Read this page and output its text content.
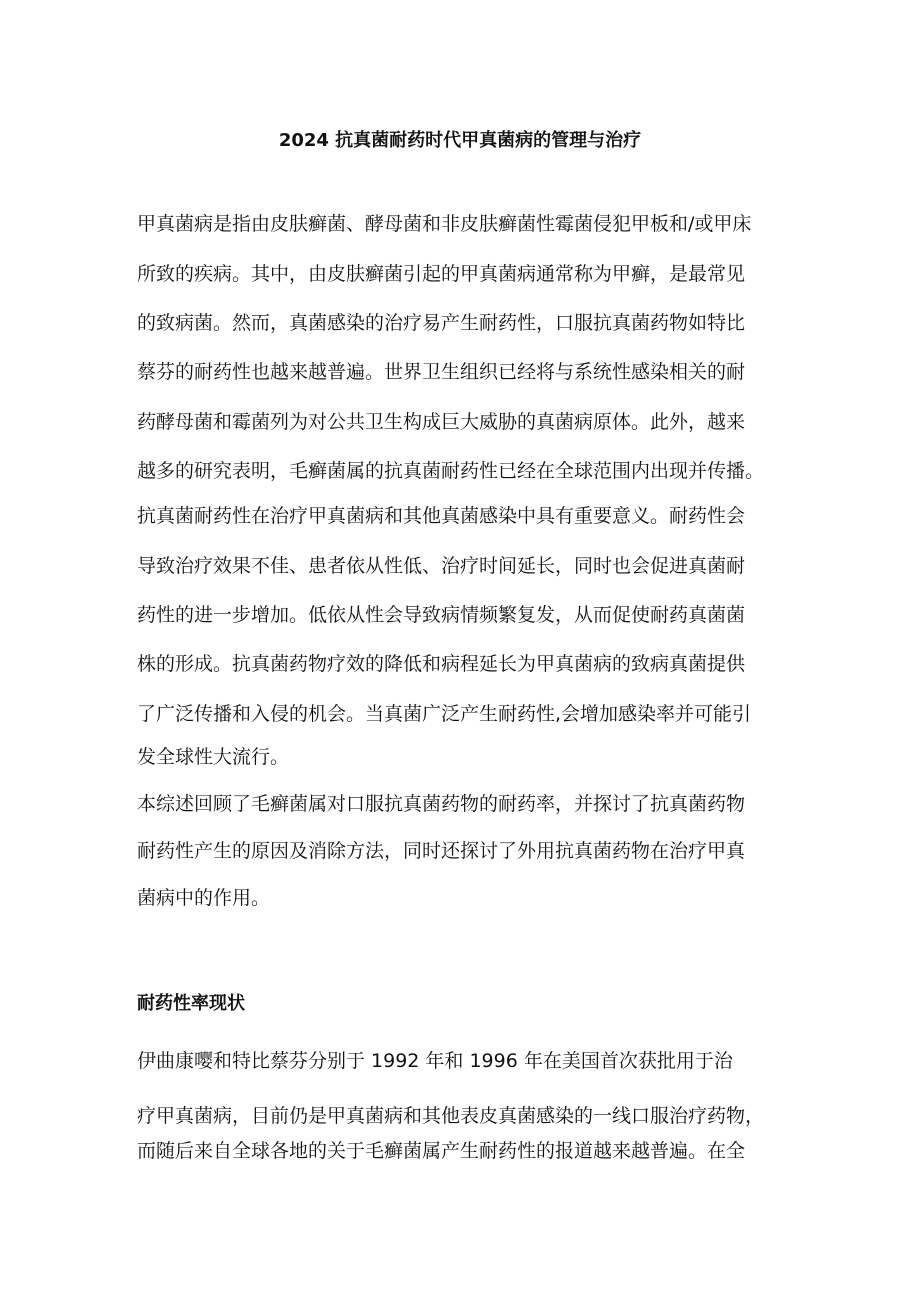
2024 抗真菌耐药时代甲真菌病的管理与治疗

甲真菌病是指由皮肤癣菌、酵母菌和非皮肤癣菌性霉菌侵犯甲板和/或甲床

所致的疾病。其中，由皮肤癣菌引起的甲真菌病通常称为甲癣，是最常见

的致病菌。然而，真菌感染的治疗易产生耐药性，口服抗真菌药物如特比

蔡芬的耐药性也越来越普遍。世界卫生组织已经将与系统性感染相关的耐

药酵母菌和霉菌列为对公共卫生构成巨大威胁的真菌病原体。此外，越来

越多的研究表明，毛癣菌属的抗真菌耐药性已经在全球范围内出现并传播。

抗真菌耐药性在治疗甲真菌病和其他真菌感染中具有重要意义。耐药性会

导致治疗效果不佳、患者依从性低、治疗时间延长，同时也会促进真菌耐

药性的进一步增加。低依从性会导致病情频繁复发，从而促使耐药真菌菌

株的形成。抗真菌药物疗效的降低和病程延长为甲真菌病的致病真菌提供

了广泛传播和入侵的机会。当真菌广泛产生耐药性,会增加感染率并可能引

发全球性大流行。

本综述回顾了毛癣菌属对口服抗真菌药物的耐药率，并探讨了抗真菌药物

耐药性产生的原因及消除方法，同时还探讨了外用抗真菌药物在治疗甲真

菌病中的作用。

耐药性率现状

伊曲康嘤和特比蔡芬分别于 1992 年和 1996 年在美国首次获批用于治

疗甲真菌病，目前仍是甲真菌病和其他表皮真菌感染的一线口服治疗药物，

而随后来自全球各地的关于毛癣菌属产生耐药性的报道越来越普遍。在全
